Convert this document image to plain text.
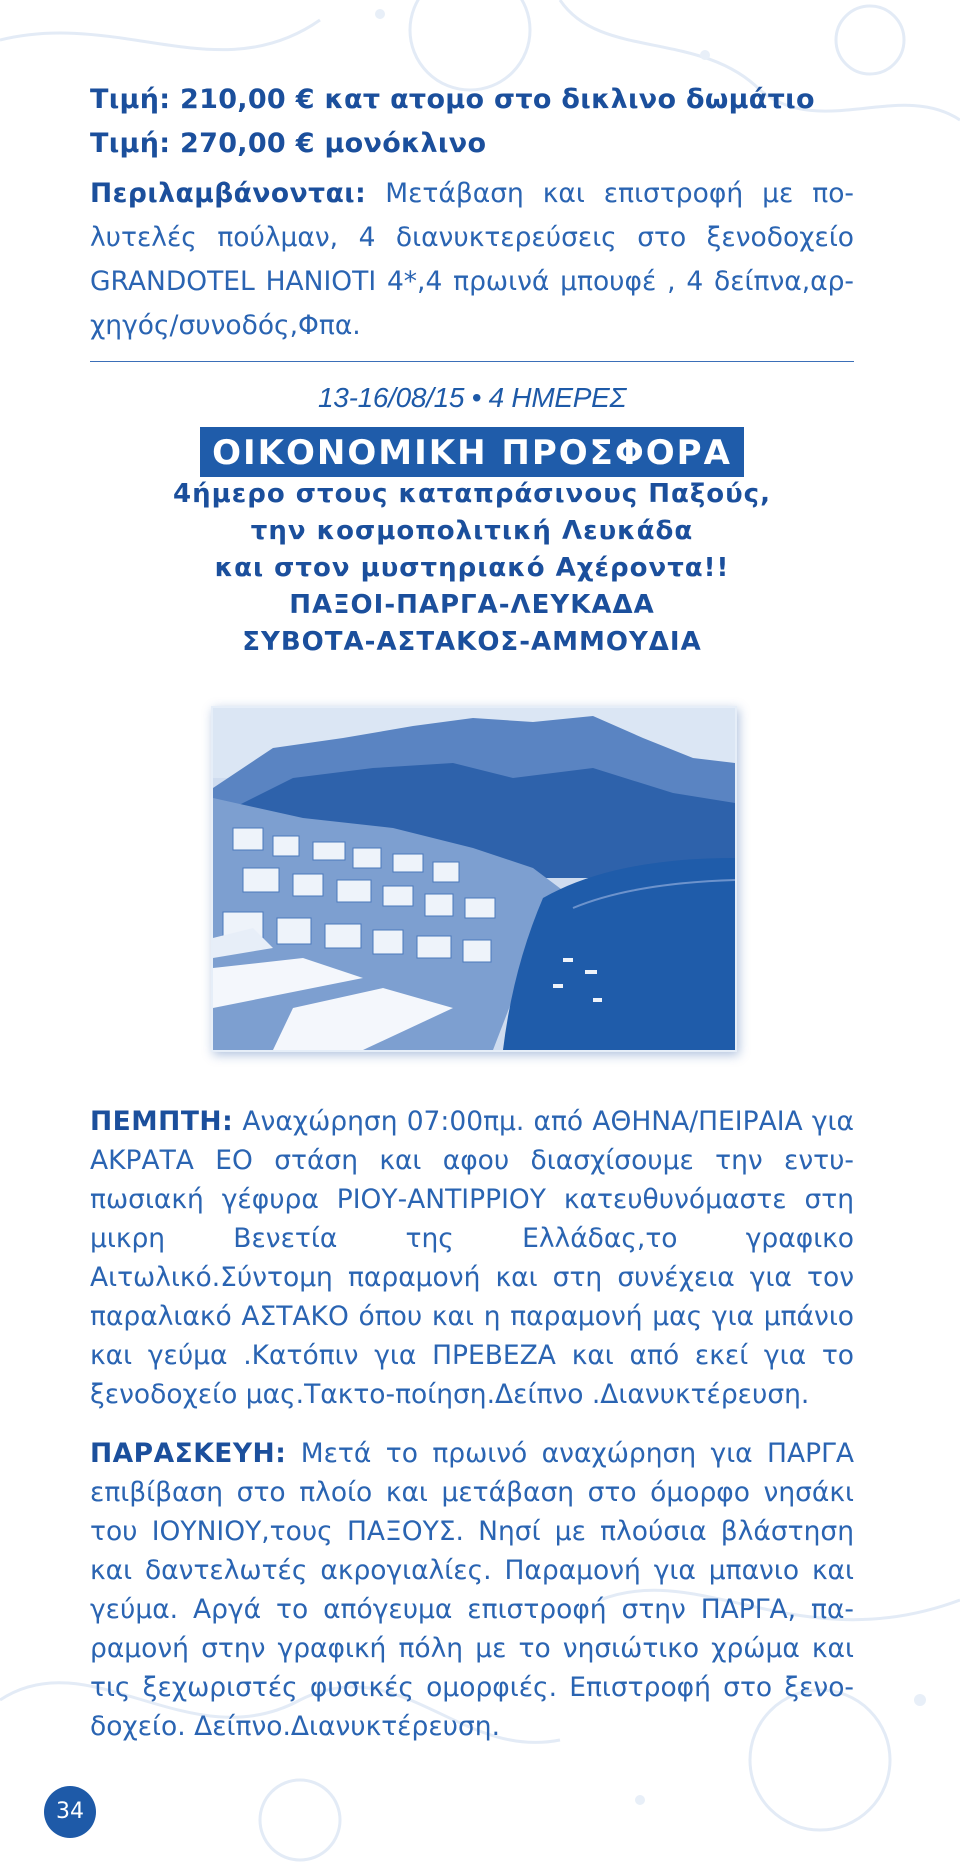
Τιμή: 210,00 € κατ ατομο στο δικλινο δωμάτιο
Τιμή: 270,00 € μονόκλινο
Περιλαμβάνονται: Μετάβαση και επιστροφή με πο-λυτελές πούλμαν, 4 διανυκτερεύσεις στο ξενοδοχείο GRANDOTEL HANIOTI 4*,4 πρωινά μπουφέ , 4 δείπνα,αρ-χηγός/συνοδός,Φπα.
13-16/08/15 • 4 ΗΜΕΡΕΣ
ΟΙΚΟΝΟΜΙΚΗ ΠΡΟΣΦΟΡΑ
4ήμερο στους καταπράσινους Παξούς,
την κοσμοπολιτική Λευκάδα
και στον μυστηριακό Αχέροντα!!
ΠΑΞΟΙ-ΠΑΡΓΑ-ΛΕΥΚΑΔΑ
ΣΥΒΟΤΑ-ΑΣΤΑΚΟΣ-ΑΜΜΟΥΔΙΑ
ΠΕΜΠΤΗ: Αναχώρηση 07:00πμ. από ΑΘΗΝΑ/ΠΕΙΡΑΙΑ για ΑΚΡΑΤΑ ΕΟ στάση και αφου διασχίσουμε την εντυ-πωσιακή γέφυρα ΡΙΟΥ-ΑΝΤΙΡΡΙΟΥ κατευθυνόμαστε στη μικρη Βενετία της Ελλάδας,το γραφικο Αιτωλικό.Σύντομη παραμονή και στη συνέχεια για τον παραλιακό ΑΣΤΑΚΟ όπου και η παραμονή μας για μπάνιο και γεύμα .Κατόπιν για ΠΡΕΒΕΖΑ και από εκεί για το ξενοδοχείο μας.Τακτο-ποίηση.Δείπνο .Διανυκτέρευση.
ΠΑΡΑΣΚΕΥΗ: Μετά το πρωινό αναχώρηση για ΠΑΡΓΑ επιβίβαση στο πλοίο και μετάβαση στο όμορφο νησάκι του ΙΟΥΝΙΟΥ,τους ΠΑΞΟΥΣ. Νησί με πλούσια βλάστηση και δαντελωτές ακρογιαλίες. Παραμονή για μπανιο και γεύμα. Αργά το απόγευμα επιστροφή στην ΠΑΡΓΑ, πα-ραμονή στην γραφική πόλη με το νησιώτικο χρώμα και τις ξεχωριστές φυσικές ομορφιές. Επιστροφή στο ξενο-δοχείο. Δείπνο.Διανυκτέρευση.
34
